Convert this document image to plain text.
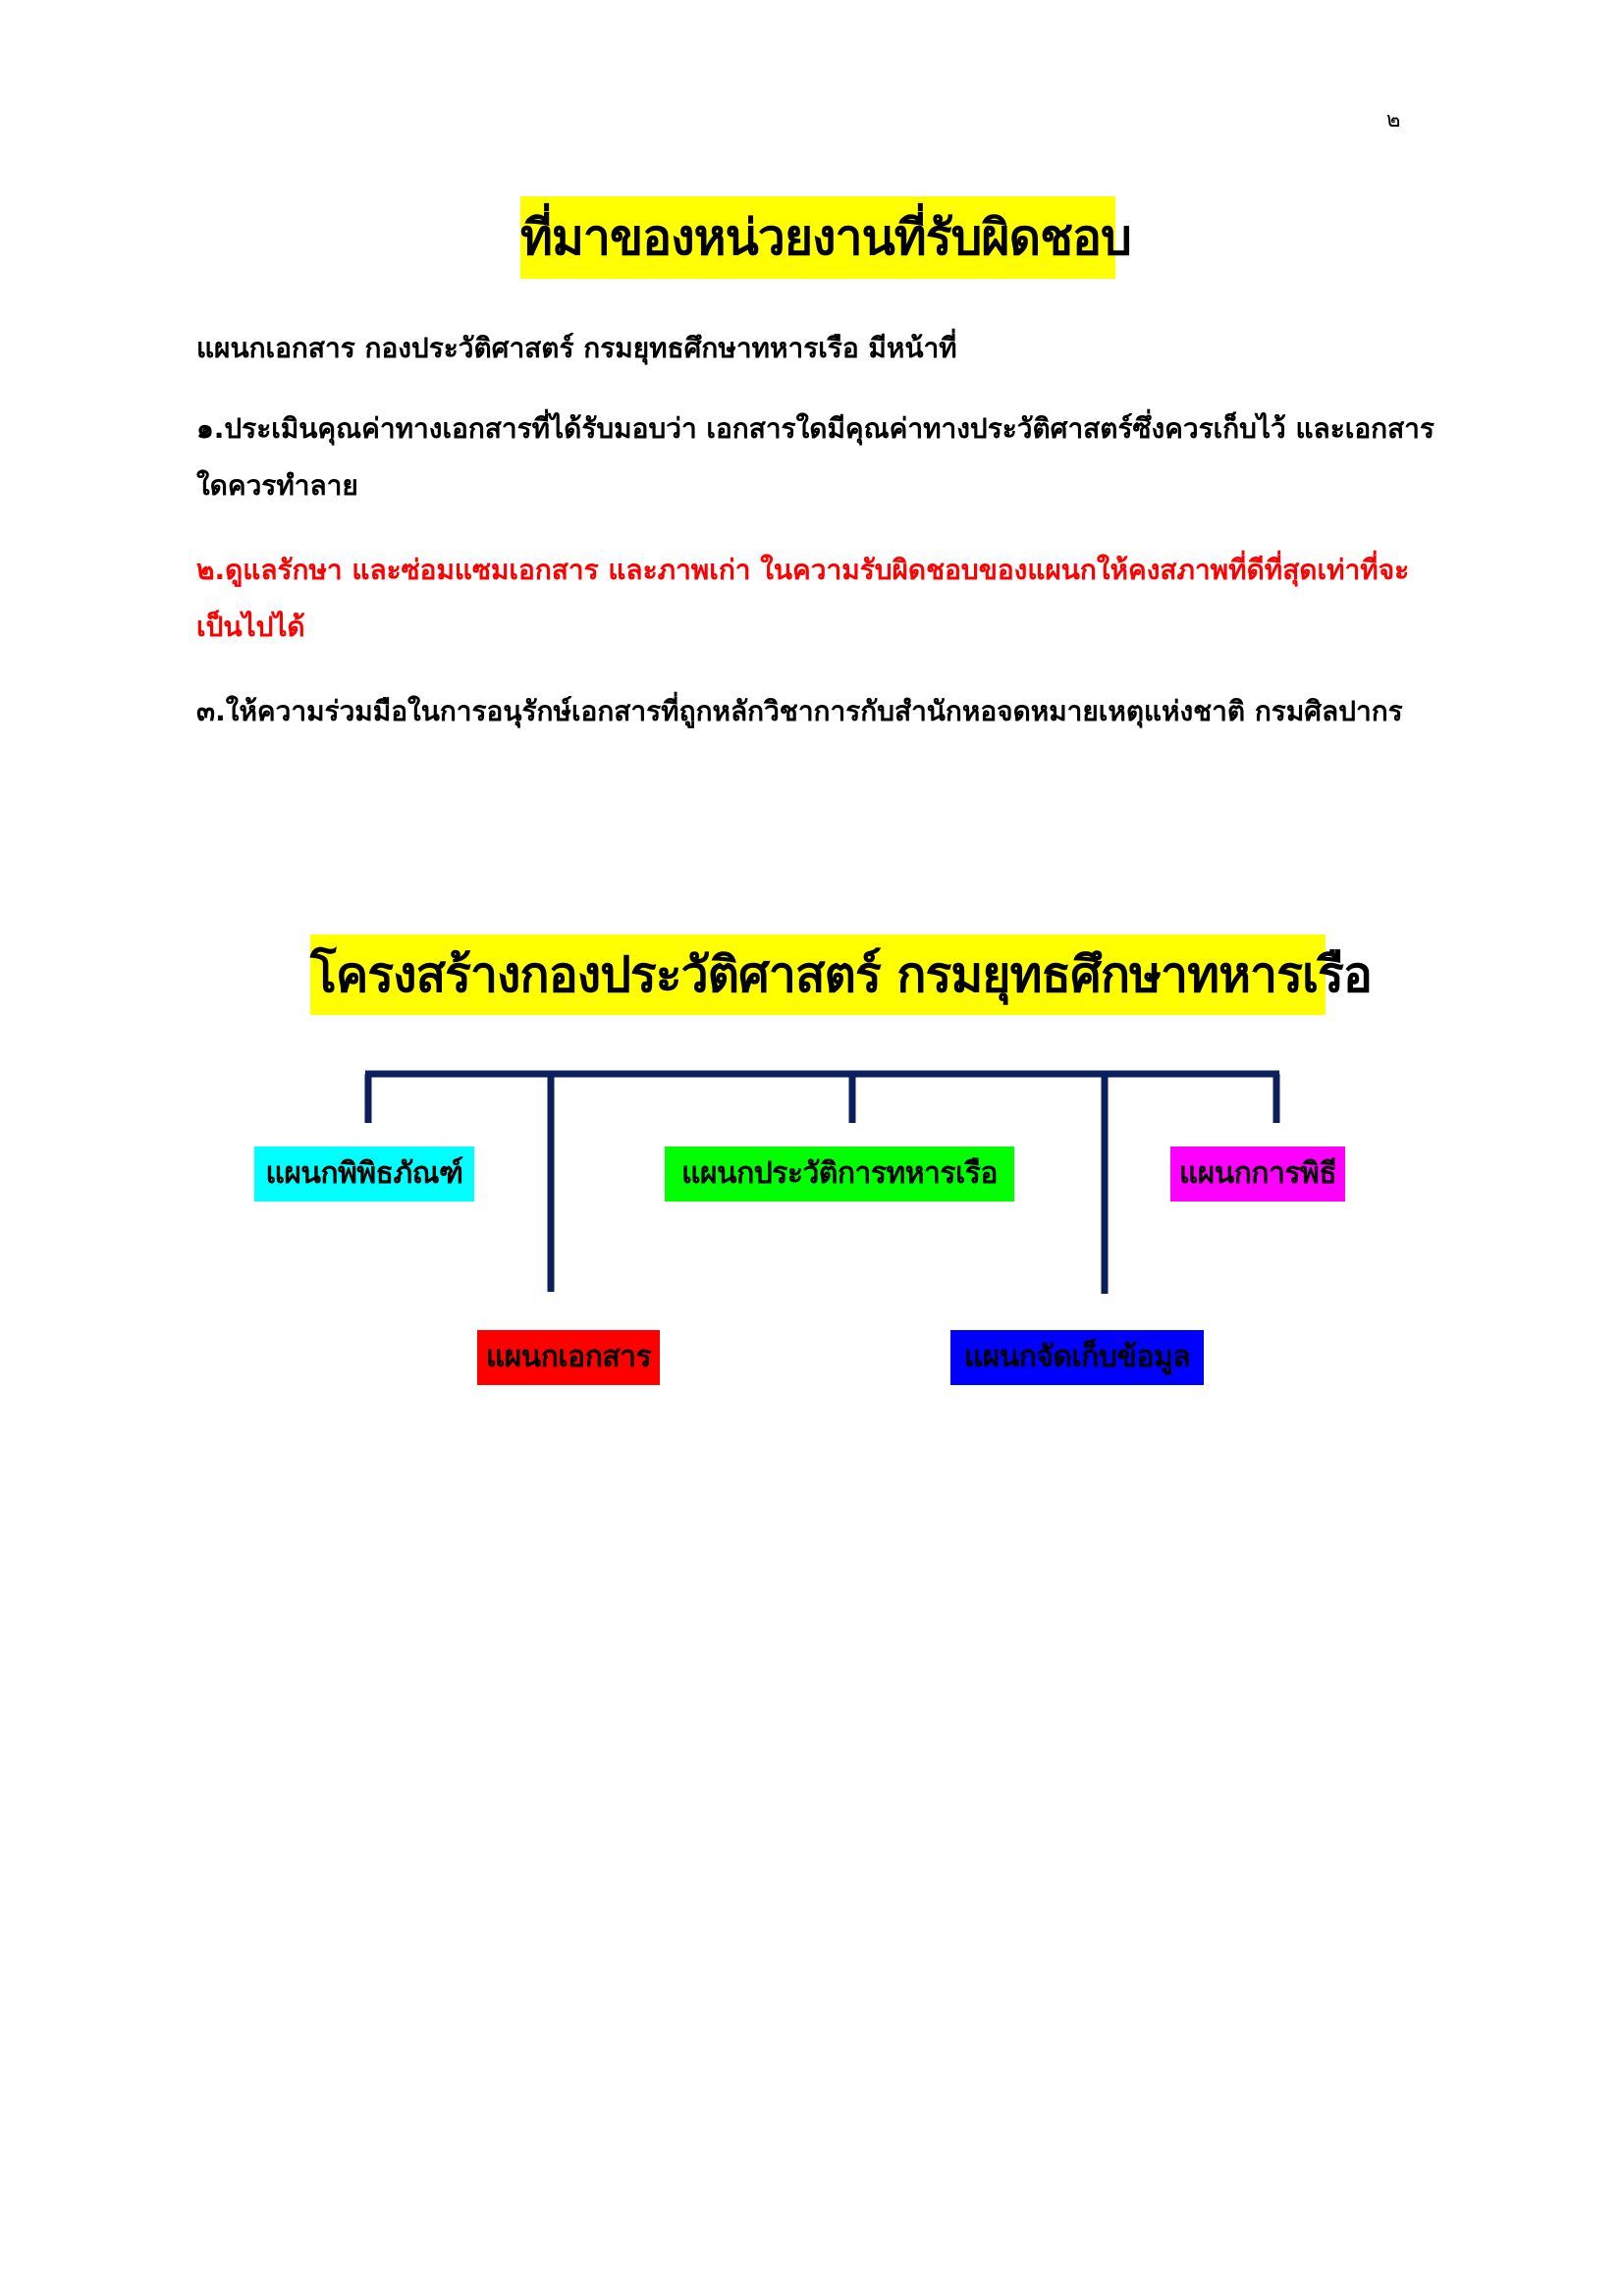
๒
ที่มาของหน่วยงานที่รับผิดชอบ

แผนกเอกสาร กองประวัติศาสตร์ กรมยุทธศึกษาทหารเรือ มีหน้าที่

๑.ประเมินคุณค่าทางเอกสารที่ได้รับมอบว่า เอกสารใดมีคุณค่าทางประวัติศาสตร์ซึ่งควรเก็บไว้ และเอกสารใดควรทำลาย

๒.ดูแลรักษา และซ่อมแซมเอกสาร และภาพเก่า ในความรับผิดชอบของแผนกให้คงสภาพที่ดีที่สุดเท่าที่จะเป็นไปได้

๓.ให้ความร่วมมือในการอนุรักษ์เอกสารที่ถูกหลักวิชาการกับสำนักหอจดหมายเหตุแห่งชาติ กรมศิลปากร

โครงสร้างกองประวัติศาสตร์ กรมยุทธศึกษาทหารเรือ
แผนกพิพิธภัณฑ์	แผนกประวัติการทหารเรือ	แผนกการพิธี
แผนกเอกสาร	แผนกจัดเก็บข้อมูล
